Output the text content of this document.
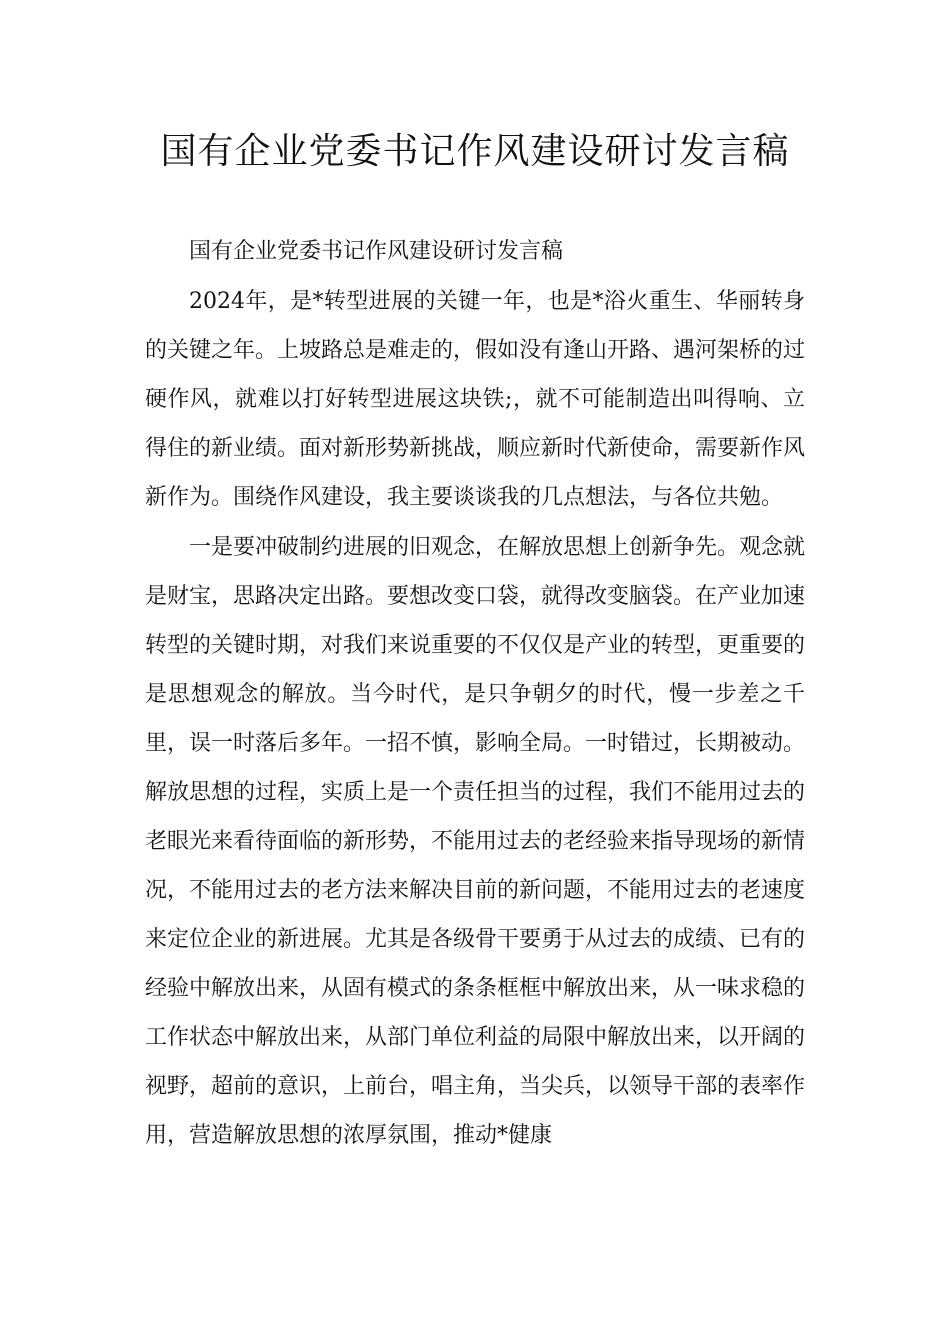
国有企业党委书记作风建设研讨发言稿

国有企业党委书记作风建设研讨发言稿

2024年，是*转型进展的关键一年，也是*浴火重生、华丽转身的关键之年。上坡路总是难走的，假如没有逢山开路、遇河架桥的过硬作风，就难以打好转型进展这块铁;，就不可能制造出叫得响、立得住的新业绩。面对新形势新挑战，顺应新时代新使命，需要新作风新作为。围绕作风建设，我主要谈谈我的几点想法，与各位共勉。

一是要冲破制约进展的旧观念，在解放思想上创新争先。观念就是财宝，思路决定出路。要想改变口袋，就得改变脑袋。在产业加速转型的关键时期，对我们来说重要的不仅仅是产业的转型，更重要的是思想观念的解放。当今时代，是只争朝夕的时代，慢一步差之千里，误一时落后多年。一招不慎，影响全局。一时错过，长期被动。解放思想的过程，实质上是一个责任担当的过程，我们不能用过去的老眼光来看待面临的新形势，不能用过去的老经验来指导现场的新情况，不能用过去的老方法来解决目前的新问题，不能用过去的老速度来定位企业的新进展。尤其是各级骨干要勇于从过去的成绩、已有的经验中解放出来，从固有模式的条条框框中解放出来，从一味求稳的工作状态中解放出来，从部门单位利益的局限中解放出来，以开阔的视野，超前的意识，上前台，唱主角，当尖兵，以领导干部的表率作用，营造解放思想的浓厚氛围，推动*健康
